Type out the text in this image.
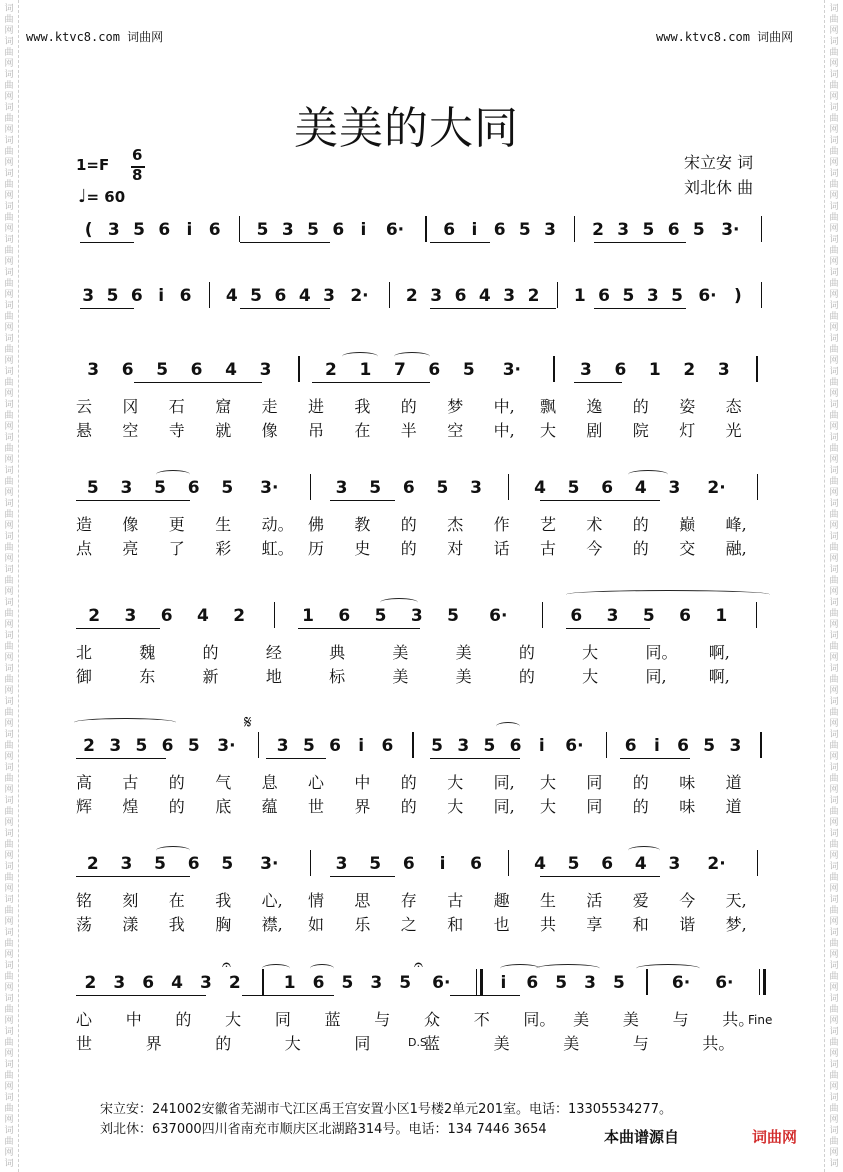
词
曲
网
词
曲
网
词
曲
网
词
曲
网
词
曲
网
词
曲
网
词
曲
网
词
曲
网
词
曲
网
词
曲
网
词
曲
网
词
曲
网
词
曲
网
词
曲
网
词
曲
网
词
曲
网
词
曲
网
词
曲
网
词
曲
网
词
曲
网
词
曲
网
词
曲
网
词
曲
网
词
曲
网
词
曲
网
词
曲
网
词
曲
网
词
曲
网
词
曲
网
词
曲
网
词
曲
网
词
曲
网
词
曲
网
词
曲
网
词
曲
网
词
词
曲
网
词
曲
网
词
曲
网
词
曲
网
词
曲
网
词
曲
网
词
曲
网
词
曲
网
词
曲
网
词
曲
网
词
曲
网
词
曲
网
词
曲
网
词
曲
网
词
曲
网
词
曲
网
词
曲
网
词
曲
网
词
曲
网
词
曲
网
词
曲
网
词
曲
网
词
曲
网
词
曲
网
词
曲
网
词
曲
网
词
曲
网
词
曲
网
词
曲
网
词
曲
网
词
曲
网
词
曲
网
词
曲
网
词
曲
网
词
曲
网
词
www.ktvc8.com 词曲网	www.ktvc8.com 词曲网
美美的大同
1=F
6
8
♩= 60
宋立安 词
刘北休 曲
( 3 5 6 i 6	5 3 5 6 i	6·	6 i 6 5 3	2 3 5 6 5 3·
3 5 6 i 6	4 5 6 4 3 2·	2 3 6 4 3 2	1 6 5 3 5 6·	)
3	6	5	6	4	3	2	1	7	6	5	3·	3	6	1	2	3
云 冈 石 窟 走 进 我 的 梦 中, 飘 逸 的 姿 态
悬 空 寺 就 像 吊 在 半 空 中, 大 剧 院 灯 光
5	3	5	6	5	3·	3	5	6	5	3	4	5	6	4	3	2·
造 像 更 生 动。 佛 教 的 杰 作 艺 术 的 巅 峰,
点 亮 了 彩 虹。 历 史 的 对 话 古 今 的 交 融,
2	3	6	4	2	1	6	5	3	5	6·	6	3	5	6	1
北	魏	的	经	典	美	美	的	大	同。 啊,
御	东	新	地	标	美	美	的	大	同,	啊,
2 3 5 6 5	3·	3 5 6	i	6	5 3 5 6	i	6·	6	i	6 5 3
高 古 的 气 息 心 中 的 大 同, 大 同 的 味 道
辉 煌 的 底 蕴 世 界 的 大 同, 大 同 的 味 道
2	3	5	6	5	3·	3	5	6	i	6	4	5	6	4	3	2·
铭 刻 在 我 心, 情 思 存 古 趣 生 活 爱 今 天,
荡 漾 我 胸 襟, 如 乐 之 和 也 共 享 和 谐 梦,
2	3	6	4	3	2	1	6	5	3	5	6·	i	6	5	3	5	6·	6·
心 中 的 大 同 蓝 与 众 不 同。 美 美 与 共。
世	界	的	大	同	蓝	美	美	与	共。
𝄋
𝄐	𝄐
D.S.
Fine
宋立安：241002安徽省芜湖市弋江区禹王宫安置小区1号楼2单元201室。电话：13305534277。
刘北休：637000四川省南充市顺庆区北湖路314号。电话：134 7446 3654	本曲谱源自	词曲网
